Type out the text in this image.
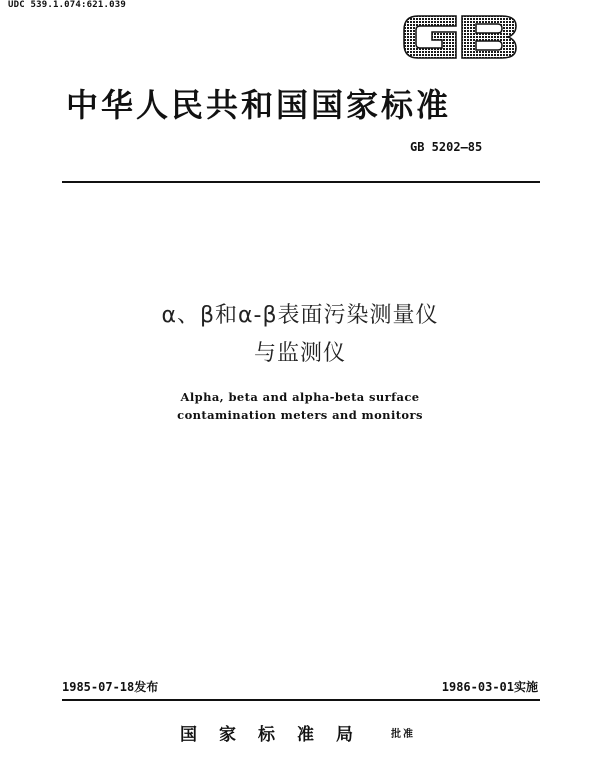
UDC 539.1.074:621.039
中华人民共和国国家标准
GB 5202—85
α、β和α-β表面污染测量仪
与监测仪
Alpha, beta and alpha-beta surface
contamination meters and monitors
1985-07-18发布	1986-03-01实施
国家标准局 批准
